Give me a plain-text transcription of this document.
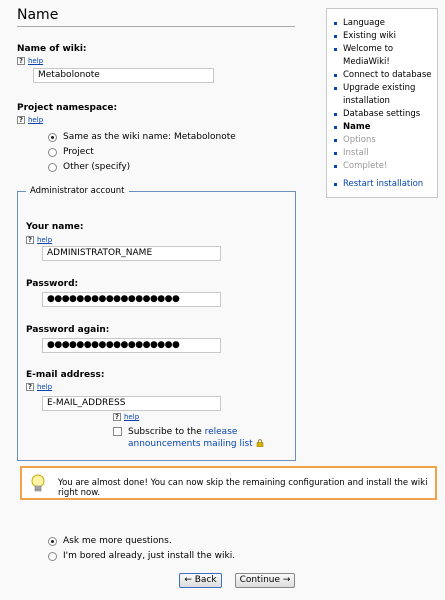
Name
Name of wiki:
? help
Metabolonote
Project namespace:
? help
Same as the wiki name: Metabolonote
Project
Other (specify)
Administrator account
Your name:
? help
ADMINISTRATOR_NAME
Password:
●●●●●●●●●●●●●●●●●●
Password again:
●●●●●●●●●●●●●●●●●●
E-mail address:
? help
E-MAIL_ADDRESS
? help
Subscribe to the release announcements mailing list
Language
Existing wiki
Welcome to MediaWiki!
Connect to database
Upgrade existing installation
Database settings
Name
Options
Install
Complete!
Restart installation
You are almost done! You can now skip the remaining configuration and install the wiki right now.
Ask me more questions.
I'm bored already, just install the wiki.
← Back	Continue →
